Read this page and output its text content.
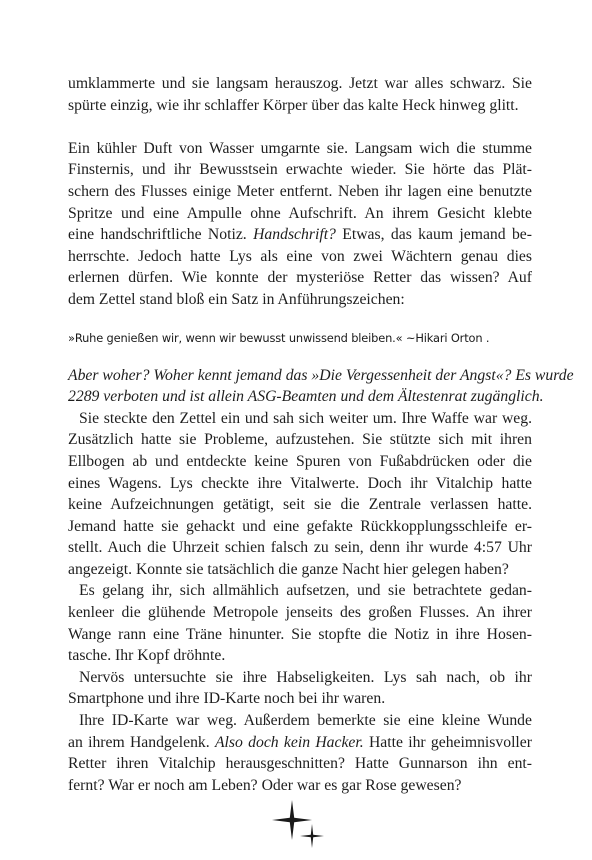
umklammerte und sie langsam herauszog. Jetzt war alles schwarz. Sie
spürte einzig, wie ihr schlaffer Körper über das kalte Heck hinweg glitt.
Ein kühler Duft von Wasser umgarnte sie. Langsam wich die stumme
Finsternis, und ihr Bewusstsein erwachte wieder. Sie hörte das Plät-
schern des Flusses einige Meter entfernt. Neben ihr lagen eine benutzte
Spritze und eine Ampulle ohne Aufschrift. An ihrem Gesicht klebte
eine handschriftliche Notiz. Handschrift? Etwas, das kaum jemand be-
herrschte. Jedoch hatte Lys als eine von zwei Wächtern genau dies
erlernen dürfen. Wie konnte der mysteriöse Retter das wissen? Auf
dem Zettel stand bloß ein Satz in Anführungszeichen:
»Ruhe genießen wir, wenn wir bewusst unwissend bleiben.« ~Hikari Orton .
Aber woher? Woher kennt jemand das »Die Vergessenheit der Angst«? Es wurde
2289 verboten und ist allein ASG-Beamten und dem Ältestenrat zugänglich.
Sie steckte den Zettel ein und sah sich weiter um. Ihre Waffe war weg.
Zusätzlich hatte sie Probleme, aufzustehen. Sie stützte sich mit ihren
Ellbogen ab und entdeckte keine Spuren von Fußabdrücken oder die
eines Wagens. Lys checkte ihre Vitalwerte. Doch ihr Vitalchip hatte
keine Aufzeichnungen getätigt, seit sie die Zentrale verlassen hatte.
Jemand hatte sie gehackt und eine gefakte Rückkopplungsschleife er-
stellt. Auch die Uhrzeit schien falsch zu sein, denn ihr wurde 4:57 Uhr
angezeigt. Konnte sie tatsächlich die ganze Nacht hier gelegen haben?
Es gelang ihr, sich allmählich aufsetzen, und sie betrachtete gedan-
kenleer die glühende Metropole jenseits des großen Flusses. An ihrer
Wange rann eine Träne hinunter. Sie stopfte die Notiz in ihre Hosen-
tasche. Ihr Kopf dröhnte.
Nervös untersuchte sie ihre Habseligkeiten. Lys sah nach, ob ihr
Smartphone und ihre ID-Karte noch bei ihr waren.
Ihre ID-Karte war weg. Außerdem bemerkte sie eine kleine Wunde
an ihrem Handgelenk. Also doch kein Hacker. Hatte ihr geheimnisvoller
Retter ihren Vitalchip herausgeschnitten? Hatte Gunnarson ihn ent-
fernt? War er noch am Leben? Oder war es gar Rose gewesen?
